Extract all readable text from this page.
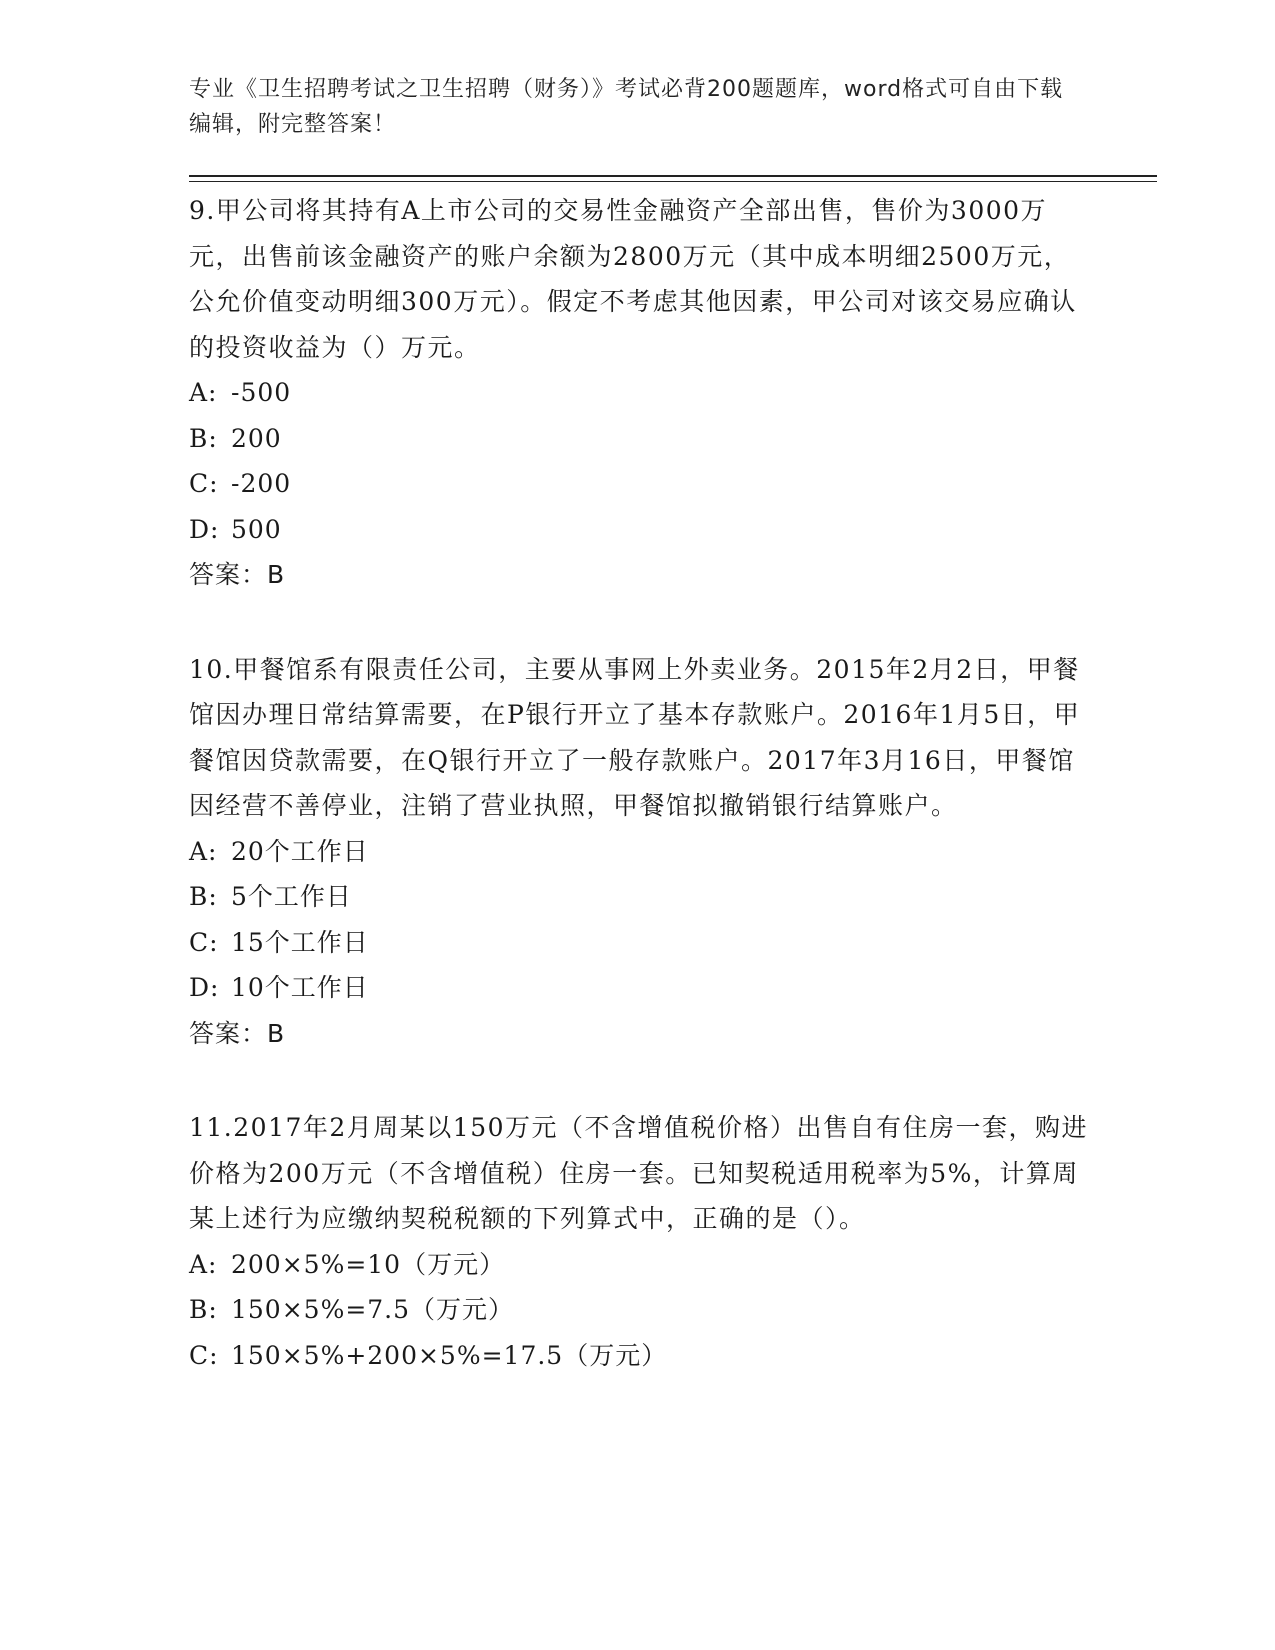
专业《卫生招聘考试之卫生招聘（财务）》考试必背200题题库，word格式可自由下载编辑，附完整答案！

9.甲公司将其持有A上市公司的交易性金融资产全部出售，售价为3000万元，出售前该金融资产的账户余额为2800万元（其中成本明细2500万元，公允价值变动明细300万元）。假定不考虑其他因素，甲公司对该交易应确认的投资收益为（）万元。

A: -500
B: 200
C: -200
D: 500

答案：B

10.甲餐馆系有限责任公司，主要从事网上外卖业务。2015年2月2日，甲餐馆因办理日常结算需要，在P银行开立了基本存款账户。2016年1月5日，甲餐馆因贷款需要，在Q银行开立了一般存款账户。2017年3月16日，甲餐馆因经营不善停业，注销了营业执照，甲餐馆拟撤销银行结算账户。

A: 20个工作日
B: 5个工作日
C: 15个工作日
D: 10个工作日

答案：B

11.2017年2月周某以150万元（不含增值税价格）出售自有住房一套，购进价格为200万元（不含增值税）住房一套。已知契税适用税率为5%，计算周某上述行为应缴纳契税税额的下列算式中，正确的是（）。

A: 200×5%=10（万元）
B: 150×5%=7.5（万元）
C: 150×5%+200×5%=17.5（万元）
